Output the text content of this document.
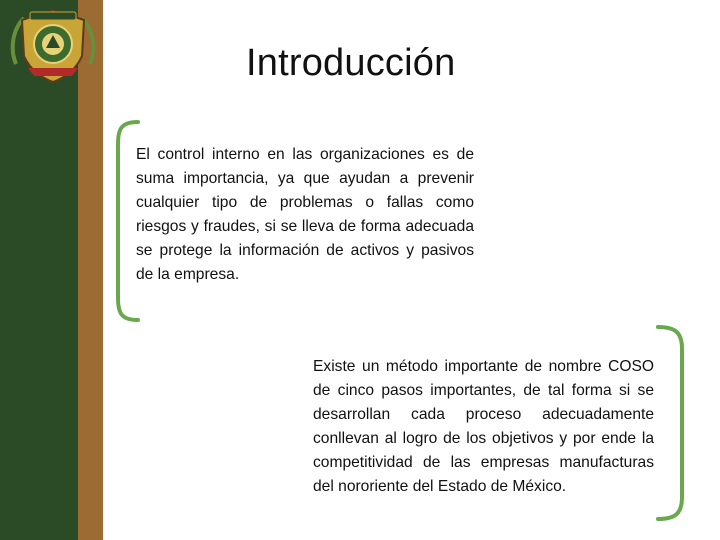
Introducción

El control interno en las organizaciones es de suma importancia, ya que ayudan a prevenir cualquier tipo de problemas o fallas como riesgos y fraudes, si se lleva de forma adecuada se protege la información de activos y pasivos de la empresa.

Existe un método importante de nombre COSO de cinco pasos importantes, de tal forma si se desarrollan cada proceso adecuadamente conllevan al logro de los objetivos y por ende la competitividad de las empresas manufacturas del nororiente del Estado de México.
